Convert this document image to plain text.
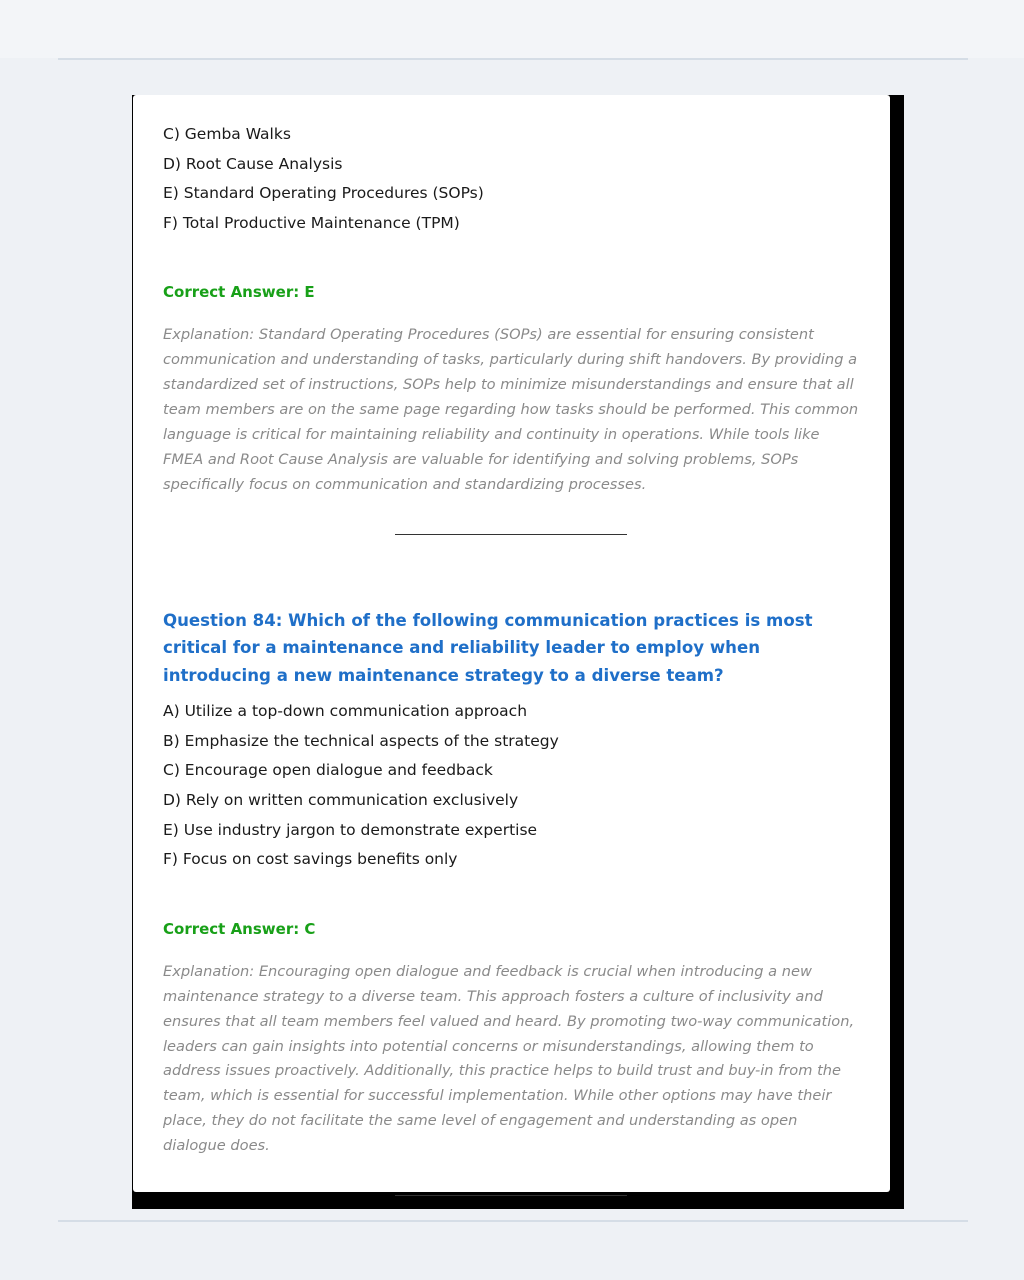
C) Gemba Walks
D) Root Cause Analysis
E) Standard Operating Procedures (SOPs)
F) Total Productive Maintenance (TPM)
Correct Answer: E
Explanation: Standard Operating Procedures (SOPs) are essential for ensuring consistent communication and understanding of tasks, particularly during shift handovers. By providing a standardized set of instructions, SOPs help to minimize misunderstandings and ensure that all team members are on the same page regarding how tasks should be performed. This common language is critical for maintaining reliability and continuity in operations. While tools like FMEA and Root Cause Analysis are valuable for identifying and solving problems, SOPs specifically focus on communication and standardizing processes.
Question 84: Which of the following communication practices is most critical for a maintenance and reliability leader to employ when introducing a new maintenance strategy to a diverse team?
A) Utilize a top-down communication approach
B) Emphasize the technical aspects of the strategy
C) Encourage open dialogue and feedback
D) Rely on written communication exclusively
E) Use industry jargon to demonstrate expertise
F) Focus on cost savings benefits only
Correct Answer: C
Explanation: Encouraging open dialogue and feedback is crucial when introducing a new maintenance strategy to a diverse team. This approach fosters a culture of inclusivity and ensures that all team members feel valued and heard. By promoting two-way communication, leaders can gain insights into potential concerns or misunderstandings, allowing them to address issues proactively. Additionally, this practice helps to build trust and buy-in from the team, which is essential for successful implementation. While other options may have their place, they do not facilitate the same level of engagement and understanding as open dialogue does.
